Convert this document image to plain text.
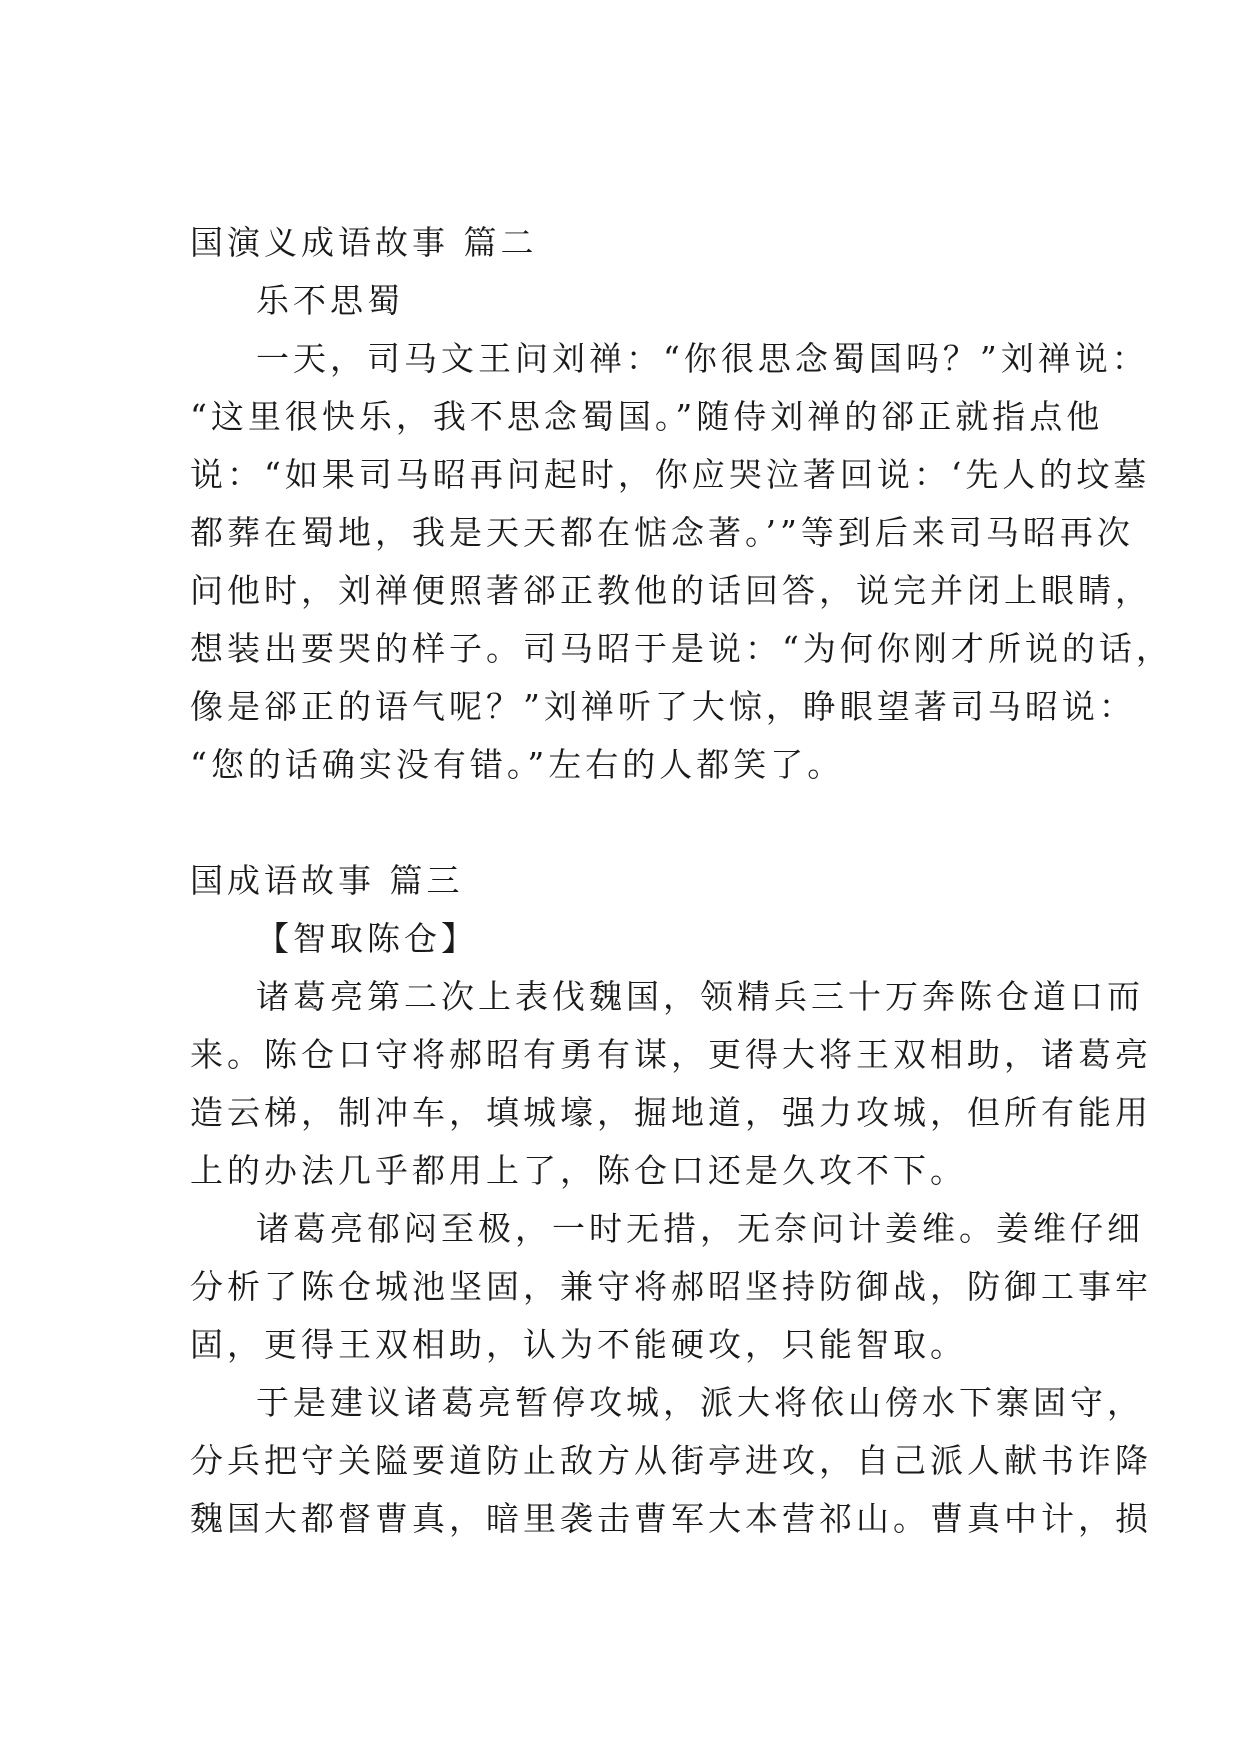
国演义成语故事 篇二
乐不思蜀
一天，司马文王问刘禅：“你很思念蜀国吗？”刘禅说：
“这里很快乐，我不思念蜀国。”随侍刘禅的郤正就指点他
说：“如果司马昭再问起时，你应哭泣著回说：‘先人的坟墓
都葬在蜀地，我是天天都在惦念著。’”等到后来司马昭再次
问他时，刘禅便照著郤正教他的话回答，说完并闭上眼睛，
想装出要哭的样子。司马昭于是说：“为何你刚才所说的话，
像是郤正的语气呢？”刘禅听了大惊，睁眼望著司马昭说：
“您的话确实没有错。”左右的人都笑了。
国成语故事 篇三
【智取陈仓】
诸葛亮第二次上表伐魏国，领精兵三十万奔陈仓道口而
来。陈仓口守将郝昭有勇有谋，更得大将王双相助，诸葛亮
造云梯，制冲车，填城壕，掘地道，强力攻城，但所有能用
上的办法几乎都用上了，陈仓口还是久攻不下。
诸葛亮郁闷至极，一时无措，无奈问计姜维。姜维仔细
分析了陈仓城池坚固，兼守将郝昭坚持防御战，防御工事牢
固，更得王双相助，认为不能硬攻，只能智取。
于是建议诸葛亮暂停攻城，派大将依山傍水下寨固守，
分兵把守关隘要道防止敌方从街亭进攻，自己派人献书诈降
魏国大都督曹真，暗里袭击曹军大本营祁山。曹真中计，损
